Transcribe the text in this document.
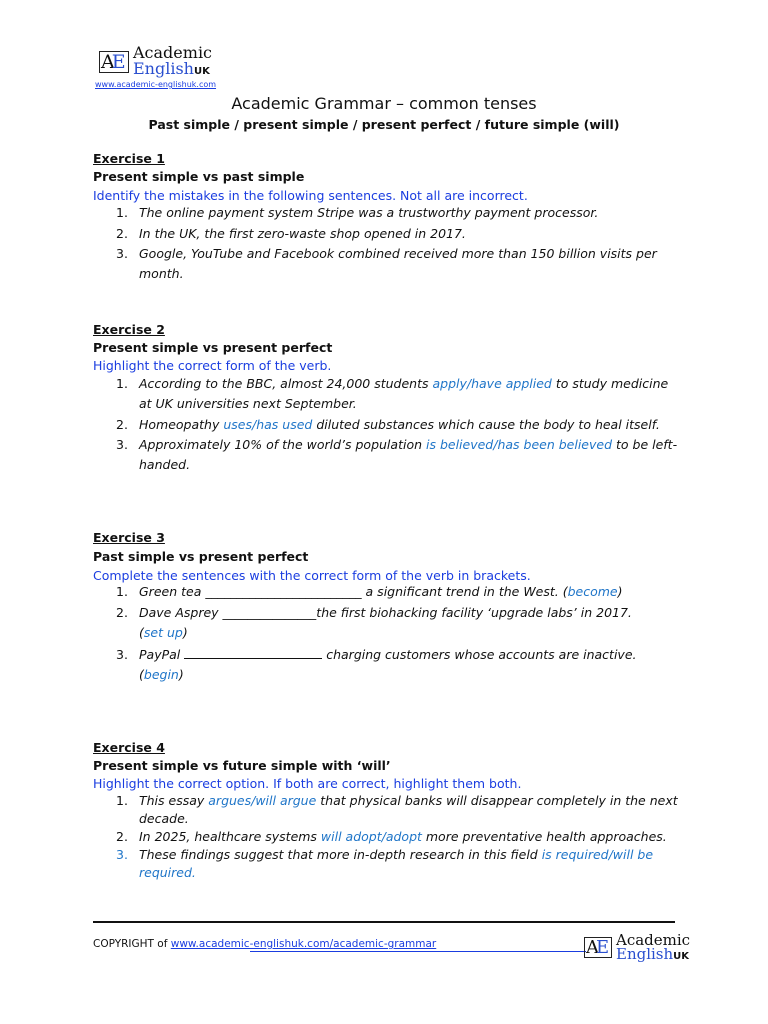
AE Academic
EnglishUK
www.academic-englishuk.com
Academic Grammar – common tenses
Past simple / present simple / present perfect / future simple (will)
Exercise 1
Present simple vs past simple
Identify the mistakes in the following sentences. Not all are incorrect.
1. The online payment system Stripe was a trustworthy payment processor.
2. In the UK, the first zero-waste shop opened in 2017.
3. Google, YouTube and Facebook combined received more than 150 billion visits per
month.
Exercise 2
Present simple vs present perfect
Highlight the correct form of the verb.
1. According to the BBC, almost 24,000 students apply/have applied to study medicine
at UK universities next September.
2. Homeopathy uses/has used diluted substances which cause the body to heal itself.
3. Approximately 10% of the world’s population is believed/has been believed to be left-
handed.
Exercise 3
Past simple vs present perfect
Complete the sentences with the correct form of the verb in brackets.
1. Green tea _________________________ a significant trend in the West. (become)
2. Dave Asprey _______________the first biohacking facility ‘upgrade labs’ in 2017.
(set up)
3. PayPal	charging customers whose accounts are inactive.
(begin)
Exercise 4
Present simple vs future simple with ‘will’
Highlight the correct option. If both are correct, highlight them both.
1. This essay argues/will argue that physical banks will disappear completely in the next
decade.
2. In 2025, healthcare systems will adopt/adopt more preventative health approaches.
3. These findings suggest that more in-depth research in this field is required/will be
required.
COPYRIGHT of www.academic-englishuk.com/academic-grammar	AE Academic
EnglishUK
